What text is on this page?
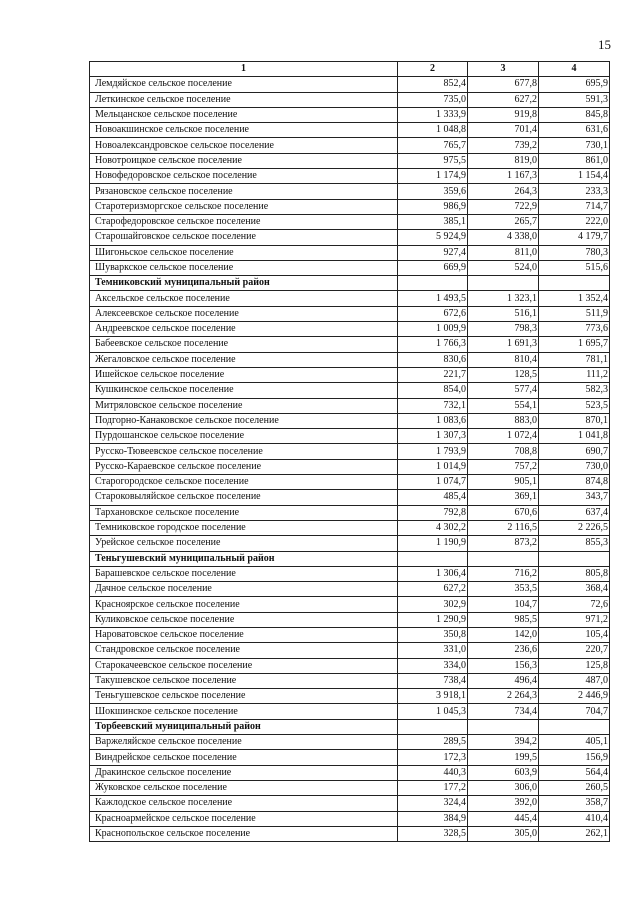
15
1	2	3	4
Лемдяйское сельское поселение	852,4	677,8	695,9
Леткинское сельское поселение	735,0	627,2	591,3
Мельцанское сельское поселение	1 333,9	919,8	845,8
Новоакшинское сельское поселение	1 048,8	701,4	631,6
Новоалександровское сельское поселение	765,7	739,2	730,1
Новотроицкое сельское поселение	975,5	819,0	861,0
Новофедоровское сельское поселение	1 174,9	1 167,3	1 154,4
Рязановское сельское поселение	359,6	264,3	233,3
Старотеризморгское сельское поселение	986,9	722,9	714,7
Старофедоровское сельское поселение	385,1	265,7	222,0
Старошайговское сельское поселение	5 924,9	4 338,0	4 179,7
Шигоньское сельское поселение	927,4	811,0	780,3
Шуваркское сельское поселение	669,9	524,0	515,6
Темниковский муниципальный район			
Аксельское сельское поселение	1 493,5	1 323,1	1 352,4
Алексеевское сельское поселение	672,6	516,1	511,9
Андреевское сельское поселение	1 009,9	798,3	773,6
Бабеевское сельское поселение	1 766,3	1 691,3	1 695,7
Жегаловское сельское поселение	830,6	810,4	781,1
Ишейское сельское поселение	221,7	128,5	111,2
Кушкинское сельское поселение	854,0	577,4	582,3
Митряловское сельское поселение	732,1	554,1	523,5
Подгорно-Канаковское сельское поселение	1 083,6	883,0	870,1
Пурдошанское сельское поселение	1 307,3	1 072,4	1 041,8
Русско-Тювеевское сельское поселение	1 793,9	708,8	690,7
Русско-Караевское сельское поселение	1 014,9	757,2	730,0
Старогородское сельское поселение	1 074,7	905,1	874,8
Староковыляйское сельское поселение	485,4	369,1	343,7
Тархановское сельское поселение	792,8	670,6	637,4
Темниковское городское поселение	4 302,2	2 116,5	2 226,5
Урейское сельское поселение	1 190,9	873,2	855,3
Теньгушевский муниципальный район			
Барашевское сельское поселение	1 306,4	716,2	805,8
Дачное сельское поселение	627,2	353,5	368,4
Красноярское сельское поселение	302,9	104,7	72,6
Куликовское сельское поселение	1 290,9	985,5	971,2
Нароватовское сельское поселение	350,8	142,0	105,4
Стандровское сельское поселение	331,0	236,6	220,7
Старокачеевское сельское поселение	334,0	156,3	125,8
Такушевское сельское поселение	738,4	496,4	487,0
Теньгушевское сельское поселение	3 918,1	2 264,3	2 446,9
Шокшинское сельское поселение	1 045,3	734,4	704,7
Торбеевский муниципальный район			
Варжеляйское сельское поселение	289,5	394,2	405,1
Виндрейское сельское поселение	172,3	199,5	156,9
Дракинское сельское поселение	440,3	603,9	564,4
Жуковское сельское поселение	177,2	306,0	260,5
Кажлодское сельское поселение	324,4	392,0	358,7
Красноармейское сельское поселение	384,9	445,4	410,4
Краснопольское сельское поселение	328,5	305,0	262,1
